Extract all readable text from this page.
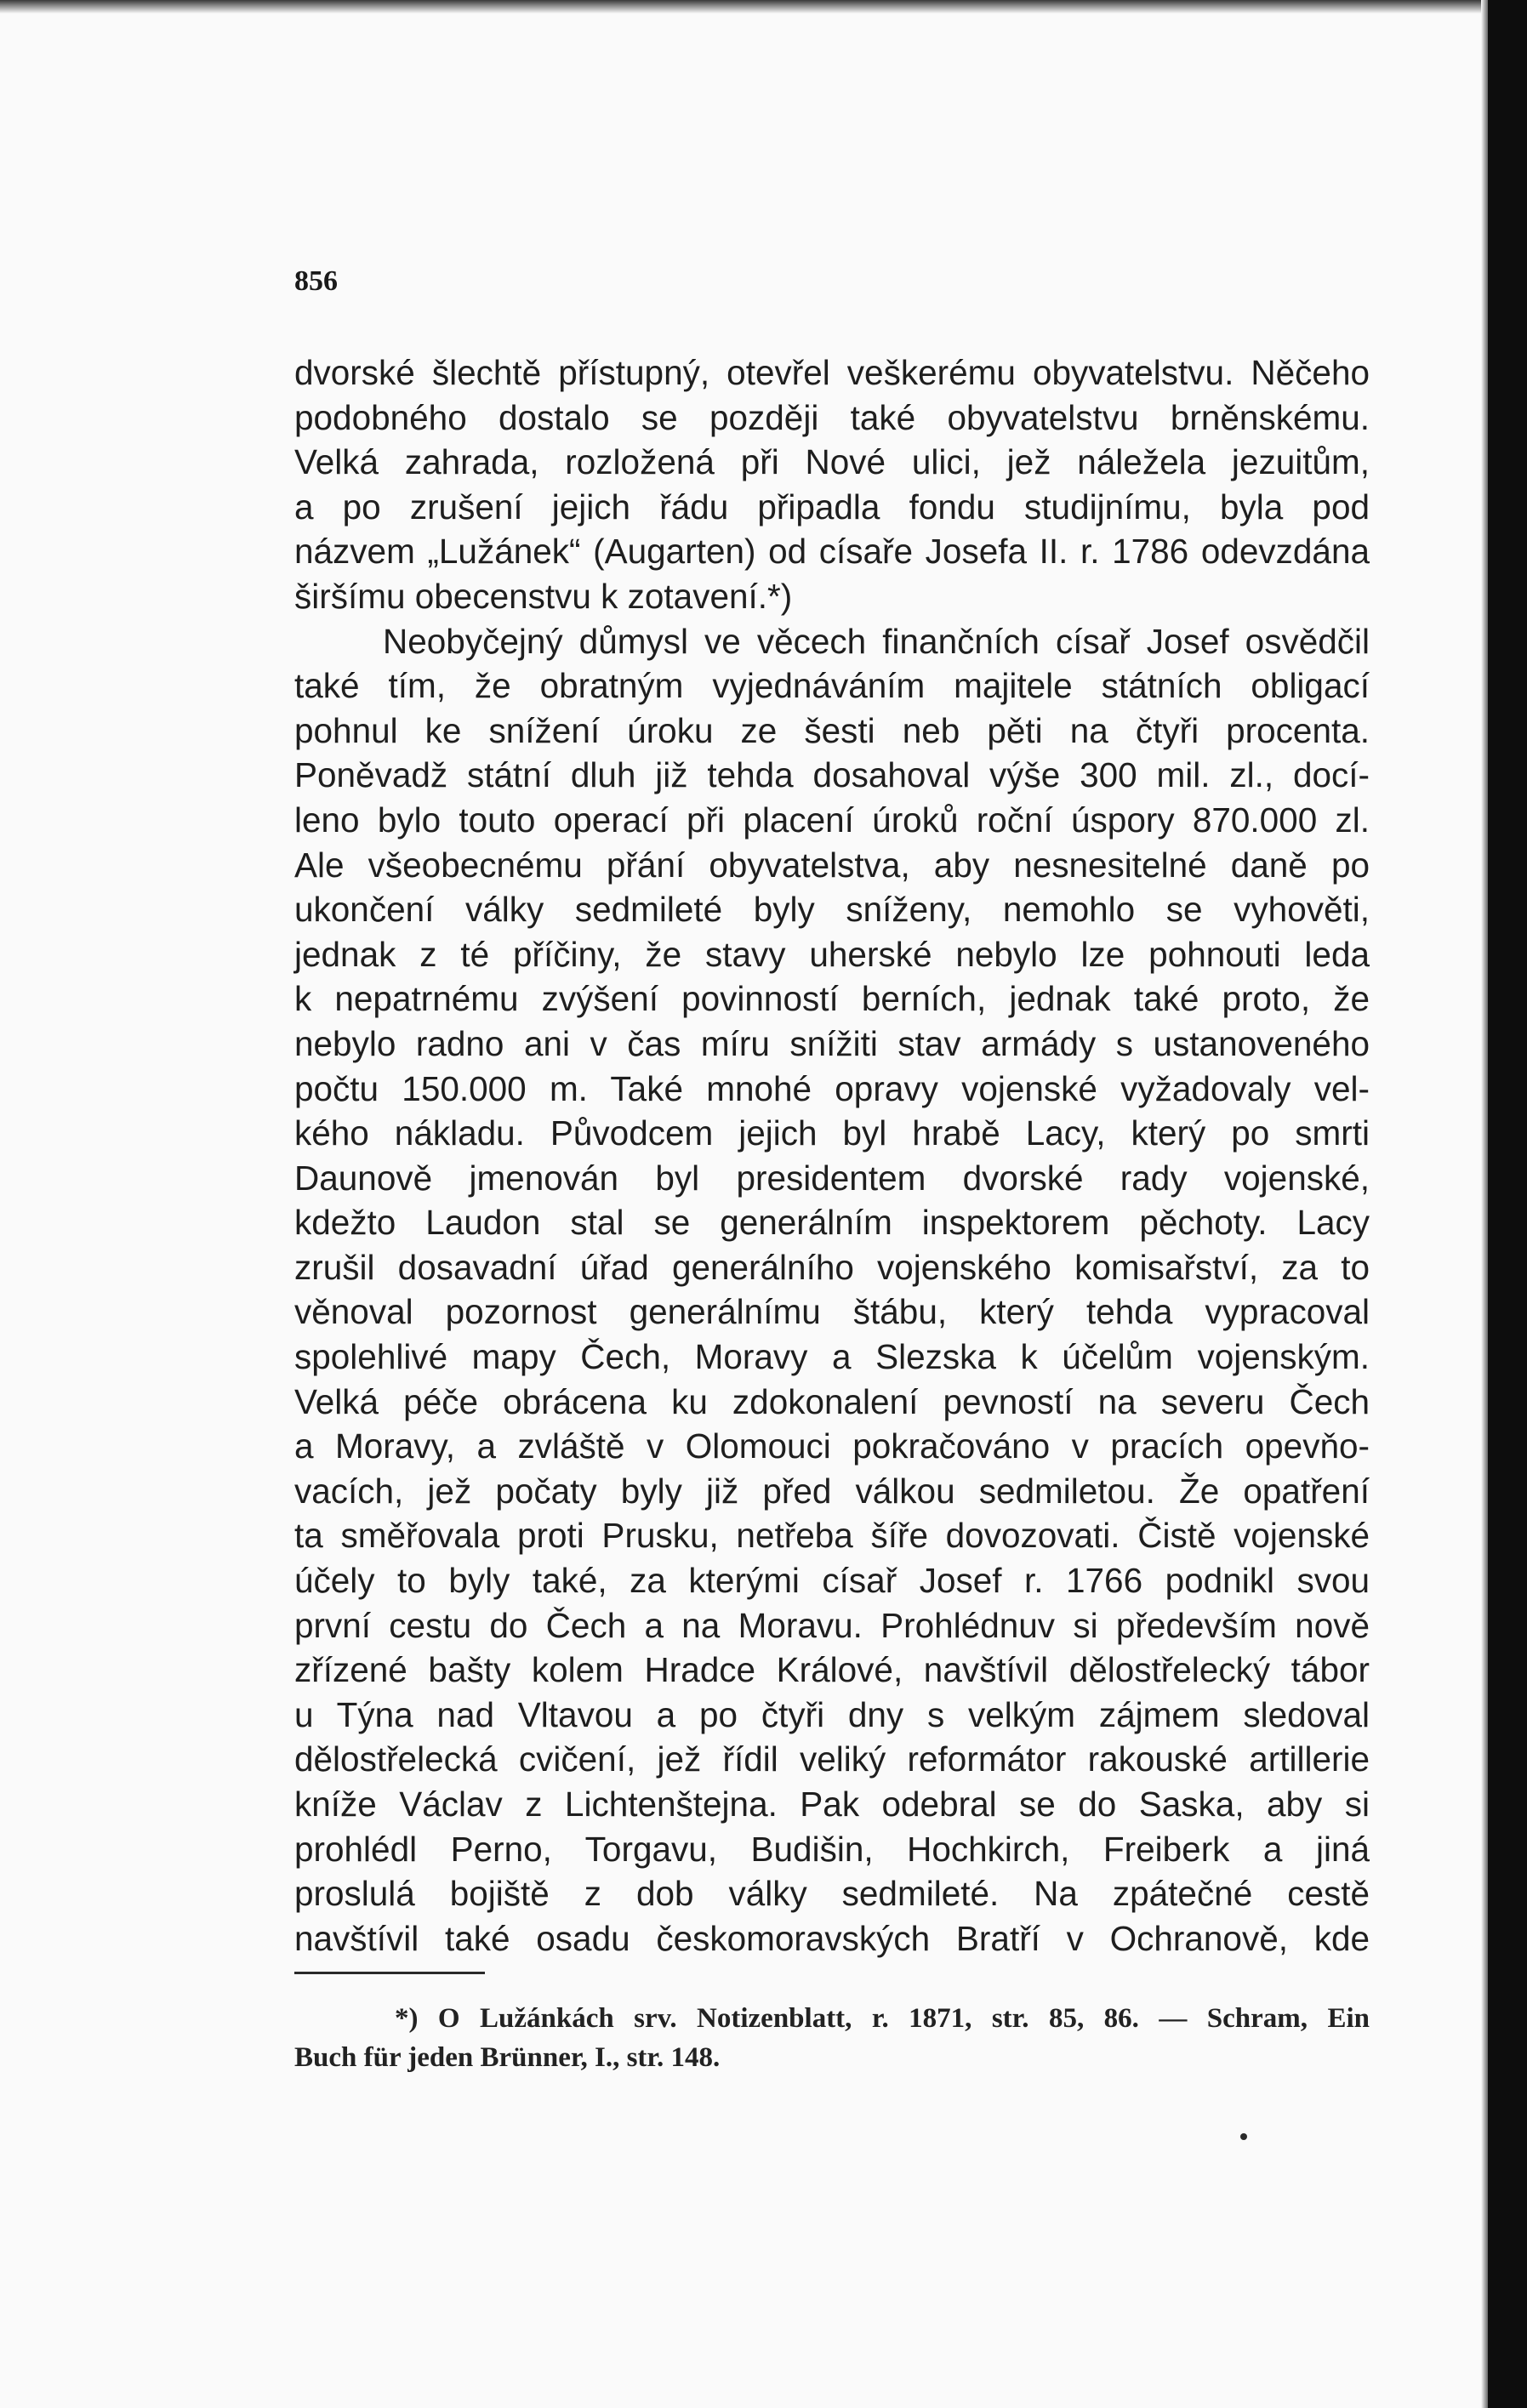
856
dvorské šlechtě přístupný, otevřel veškerému obyvatelstvu. Něčeho
podobného dostalo se později také obyvatelstvu brněnskému.
Velká zahrada, rozložená při Nové ulici, jež náležela jezuitům,
a po zrušení jejich řádu připadla fondu studijnímu, byla pod
názvem „Lužánek“ (Augarten) od císaře Josefa II. r. 1786 odevzdána
širšímu obecenstvu k zotavení.*)
Neobyčejný důmysl ve věcech finančních císař Josef osvědčil
také tím, že obratným vyjednáváním majitele státních obligací
pohnul ke snížení úroku ze šesti neb pěti na čtyři procenta.
Poněvadž státní dluh již tehda dosahoval výše 300 mil. zl., docí-
leno bylo touto operací při placení úroků roční úspory 870.000 zl.
Ale všeobecnému přání obyvatelstva, aby nesnesitelné daně po
ukončení války sedmileté byly sníženy, nemohlo se vyhověti,
jednak z té příčiny, že stavy uherské nebylo lze pohnouti leda
k nepatrnému zvýšení povinností berních, jednak také proto, že
nebylo radno ani v čas míru snížiti stav armády s ustanoveného
počtu 150.000 m. Také mnohé opravy vojenské vyžadovaly vel-
kého nákladu. Původcem jejich byl hrabě Lacy, který po smrti
Daunově jmenován byl presidentem dvorské rady vojenské,
kdežto Laudon stal se generálním inspektorem pěchoty. Lacy
zrušil dosavadní úřad generálního vojenského komisařství, za to
věnoval pozornost generálnímu štábu, který tehda vypracoval
spolehlivé mapy Čech, Moravy a Slezska k účelům vojenským.
Velká péče obrácena ku zdokonalení pevností na severu Čech
a Moravy, a zvláště v Olomouci pokračováno v pracích opevňo-
vacích, jež počaty byly již před válkou sedmiletou. Že opatření
ta směřovala proti Prusku, netřeba šíře dovozovati. Čistě vojenské
účely to byly také, za kterými císař Josef r. 1766 podnikl svou
první cestu do Čech a na Moravu. Prohlédnuv si především nově
zřízené bašty kolem Hradce Králové, navštívil dělostřelecký tábor
u Týna nad Vltavou a po čtyři dny s velkým zájmem sledoval
dělostřelecká cvičení, jež řídil veliký reformátor rakouské artillerie
kníže Václav z Lichtenštejna. Pak odebral se do Saska, aby si
prohlédl Perno, Torgavu, Budišin, Hochkirch, Freiberk a jiná
proslulá bojiště z dob války sedmileté. Na zpátečné cestě
navštívil také osadu českomoravských Bratří v Ochranově, kde
*) O Lužánkách srv. Notizenblatt, r. 1871, str. 85, 86. — Schram, Ein
Buch für jeden Brünner, I., str. 148.
